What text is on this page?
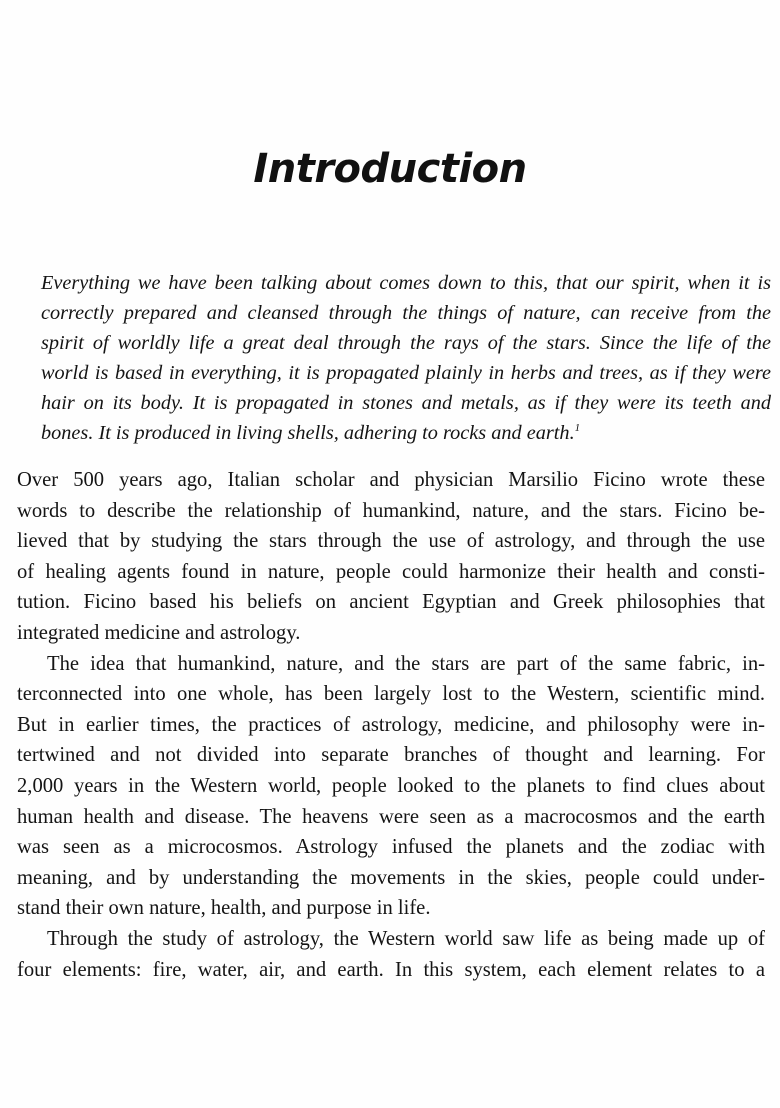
Introduction
Everything we have been talking about comes down to this, that our spirit, when it is
correctly prepared and cleansed through the things of nature, can receive from the
spirit of worldly life a great deal through the rays of the stars. Since the life of the
world is based in everything, it is propagated plainly in herbs and trees, as if they were
hair on its body. It is propagated in stones and metals, as if they were its teeth and
bones. It is produced in living shells, adhering to rocks and earth.$^1$
Over 500 years ago, Italian scholar and physician Marsilio Ficino wrote these
words to describe the relationship of humankind, nature, and the stars. Ficino be-
lieved that by studying the stars through the use of astrology, and through the use
of healing agents found in nature, people could harmonize their health and consti-
tution. Ficino based his beliefs on ancient Egyptian and Greek philosophies that
integrated medicine and astrology.
The idea that humankind, nature, and the stars are part of the same fabric, in-
terconnected into one whole, has been largely lost to the Western, scientific mind.
But in earlier times, the practices of astrology, medicine, and philosophy were in-
tertwined and not divided into separate branches of thought and learning. For
2,000 years in the Western world, people looked to the planets to find clues about
human health and disease. The heavens were seen as a macrocosmos and the earth
was seen as a microcosmos. Astrology infused the planets and the zodiac with
meaning, and by understanding the movements in the skies, people could under-
stand their own nature, health, and purpose in life.
Through the study of astrology, the Western world saw life as being made up of
four elements: fire, water, air, and earth. In this system, each element relates to a
